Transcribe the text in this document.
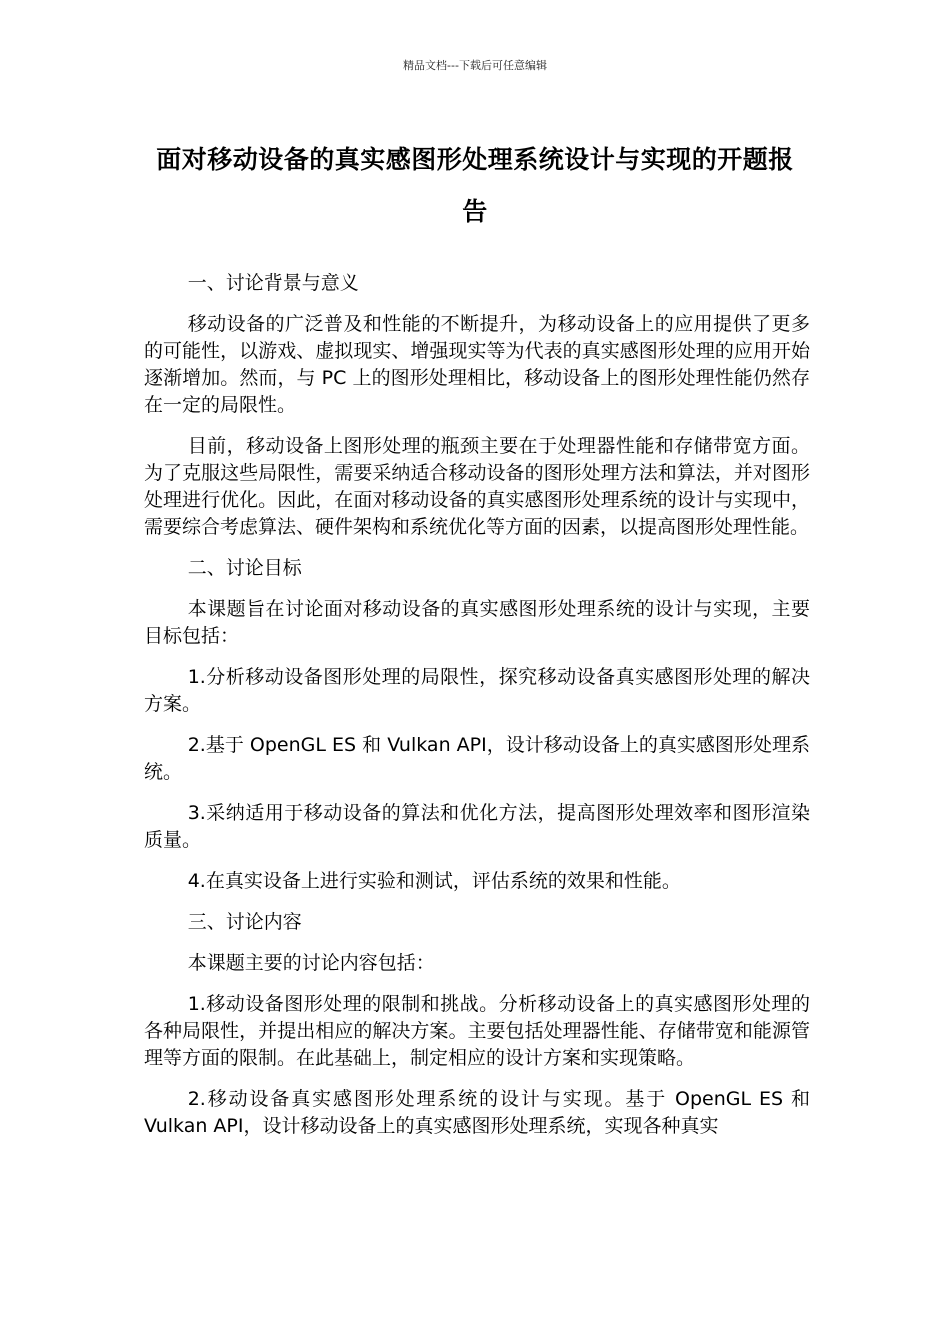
精品文档---下载后可任意编辑
面对移动设备的真实感图形处理系统设计与实现的开题报告

一、讨论背景与意义

移动设备的广泛普及和性能的不断提升，为移动设备上的应用提供了更多的可能性，以游戏、虚拟现实、增强现实等为代表的真实感图形处理的应用开始逐渐增加。然而，与 PC 上的图形处理相比，移动设备上的图形处理性能仍然存在一定的局限性。

目前，移动设备上图形处理的瓶颈主要在于处理器性能和存储带宽方面。为了克服这些局限性，需要采纳适合移动设备的图形处理方法和算法，并对图形处理进行优化。因此，在面对移动设备的真实感图形处理系统的设计与实现中，需要综合考虑算法、硬件架构和系统优化等方面的因素，以提高图形处理性能。

二、讨论目标

本课题旨在讨论面对移动设备的真实感图形处理系统的设计与实现，主要目标包括：

1.分析移动设备图形处理的局限性，探究移动设备真实感图形处理的解决方案。

2.基于 OpenGL ES 和 Vulkan API，设计移动设备上的真实感图形处理系统。

3.采纳适用于移动设备的算法和优化方法，提高图形处理效率和图形渲染质量。

4.在真实设备上进行实验和测试，评估系统的效果和性能。

三、讨论内容

本课题主要的讨论内容包括：

1.移动设备图形处理的限制和挑战。分析移动设备上的真实感图形处理的各种局限性，并提出相应的解决方案。主要包括处理器性能、存储带宽和能源管理等方面的限制。在此基础上，制定相应的设计方案和实现策略。

2.移动设备真实感图形处理系统的设计与实现。基于 OpenGL ES 和 Vulkan API，设计移动设备上的真实感图形处理系统，实现各种真实
